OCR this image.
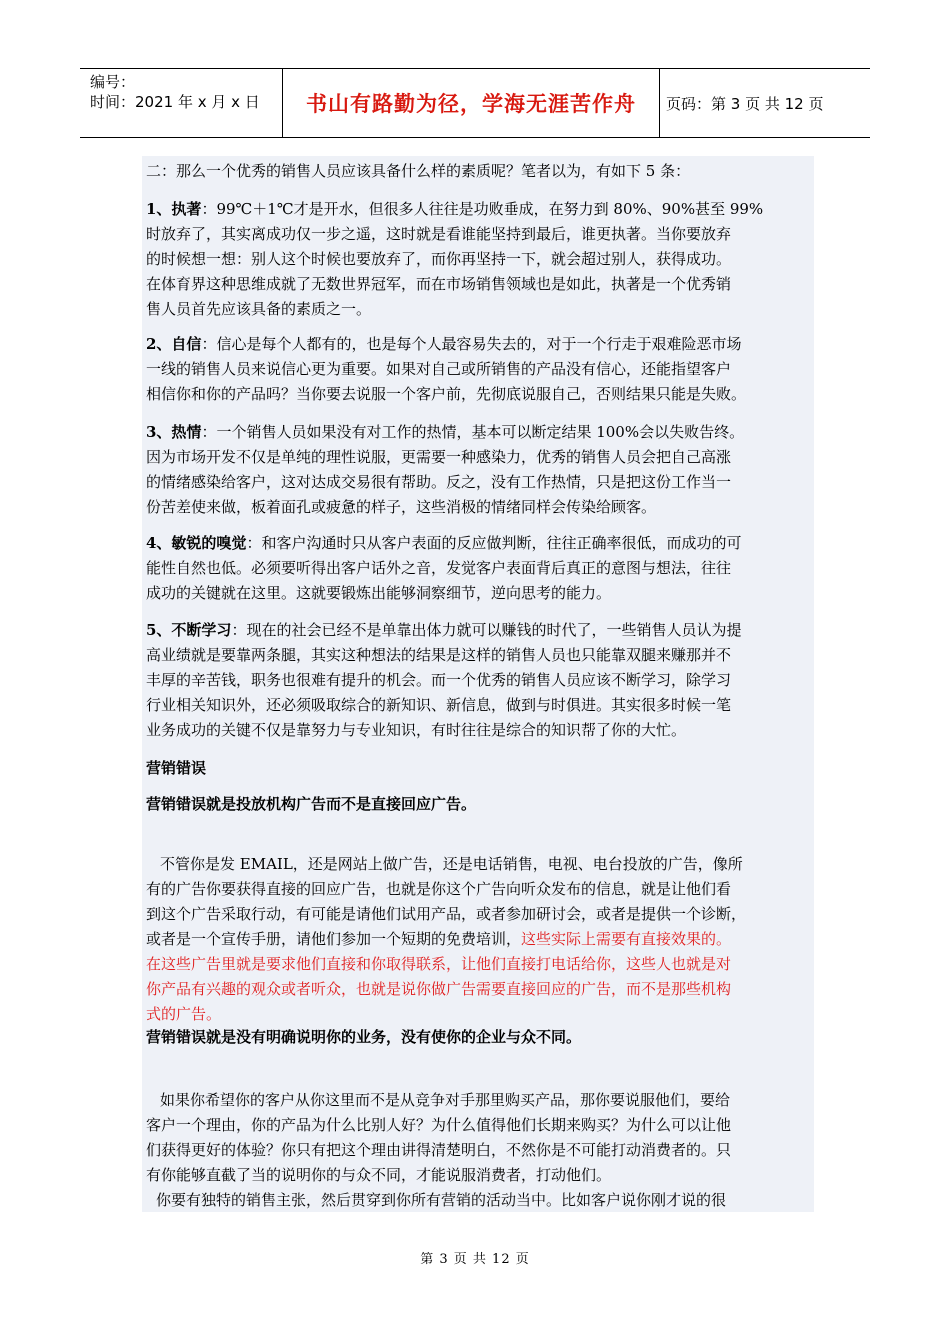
编号：
时间：2021 年 x 月 x 日	书山有路勤为径，学海无涯苦作舟	页码：第 3 页 共 12 页
二：那么一个优秀的销售人员应该具备什么样的素质呢？笔者以为，有如下 5 条：
1、执著：99℃＋1℃才是开水，但很多人往往是功败垂成，在努力到 80%、90%甚至 99%
时放弃了，其实离成功仅一步之遥，这时就是看谁能坚持到最后，谁更执著。当你要放弃
的时候想一想：别人这个时候也要放弃了，而你再坚持一下，就会超过别人，获得成功。
在体育界这种思维成就了无数世界冠军，而在市场销售领域也是如此，执著是一个优秀销
售人员首先应该具备的素质之一。
2、自信：信心是每个人都有的，也是每个人最容易失去的，对于一个行走于艰难险恶市场
一线的销售人员来说信心更为重要。如果对自己或所销售的产品没有信心，还能指望客户
相信你和你的产品吗？当你要去说服一个客户前，先彻底说服自己，否则结果只能是失败。
3、热情：一个销售人员如果没有对工作的热情，基本可以断定结果 100%会以失败告终。
因为市场开发不仅是单纯的理性说服，更需要一种感染力，优秀的销售人员会把自己高涨
的情绪感染给客户，这对达成交易很有帮助。反之，没有工作热情，只是把这份工作当一
份苦差使来做，板着面孔或疲惫的样子，这些消极的情绪同样会传染给顾客。
4、敏锐的嗅觉：和客户沟通时只从客户表面的反应做判断，往往正确率很低，而成功的可
能性自然也低。必须要听得出客户话外之音，发觉客户表面背后真正的意图与想法，往往
成功的关键就在这里。这就要锻炼出能够洞察细节，逆向思考的能力。
5、不断学习：现在的社会已经不是单靠出体力就可以赚钱的时代了，一些销售人员认为提
高业绩就是要靠两条腿，其实这种想法的结果是这样的销售人员也只能靠双腿来赚那并不
丰厚的辛苦钱，职务也很难有提升的机会。而一个优秀的销售人员应该不断学习，除学习
行业相关知识外，还必须吸取综合的新知识、新信息，做到与时俱进。其实很多时候一笔
业务成功的关键不仅是靠努力与专业知识，有时往往是综合的知识帮了你的大忙。
营销错误
营销错误就是投放机构广告而不是直接回应广告。
不管你是发 EMAIL，还是网站上做广告，还是电话销售，电视、电台投放的广告，像所
有的广告你要获得直接的回应广告，也就是你这个广告向听众发布的信息，就是让他们看
到这个广告采取行动，有可能是请他们试用产品，或者参加研讨会，或者是提供一个诊断，
或者是一个宣传手册，请他们参加一个短期的免费培训，这些实际上需要有直接效果的。
在这些广告里就是要求他们直接和你取得联系，让他们直接打电话给你，这些人也就是对
你产品有兴趣的观众或者听众，也就是说你做广告需要直接回应的广告，而不是那些机构
式的广告。
营销错误就是没有明确说明你的业务，没有使你的企业与众不同。
如果你希望你的客户从你这里而不是从竞争对手那里购买产品，那你要说服他们，要给
客户一个理由，你的产品为什么比别人好？为什么值得他们长期来购买？为什么可以让他
们获得更好的体验？你只有把这个理由讲得清楚明白，不然你是不可能打动消费者的。只
有你能够直截了当的说明你的与众不同，才能说服消费者，打动他们。
你要有独特的销售主张，然后贯穿到你所有营销的活动当中。比如客户说你刚才说的很
第 3 页 共 12 页
